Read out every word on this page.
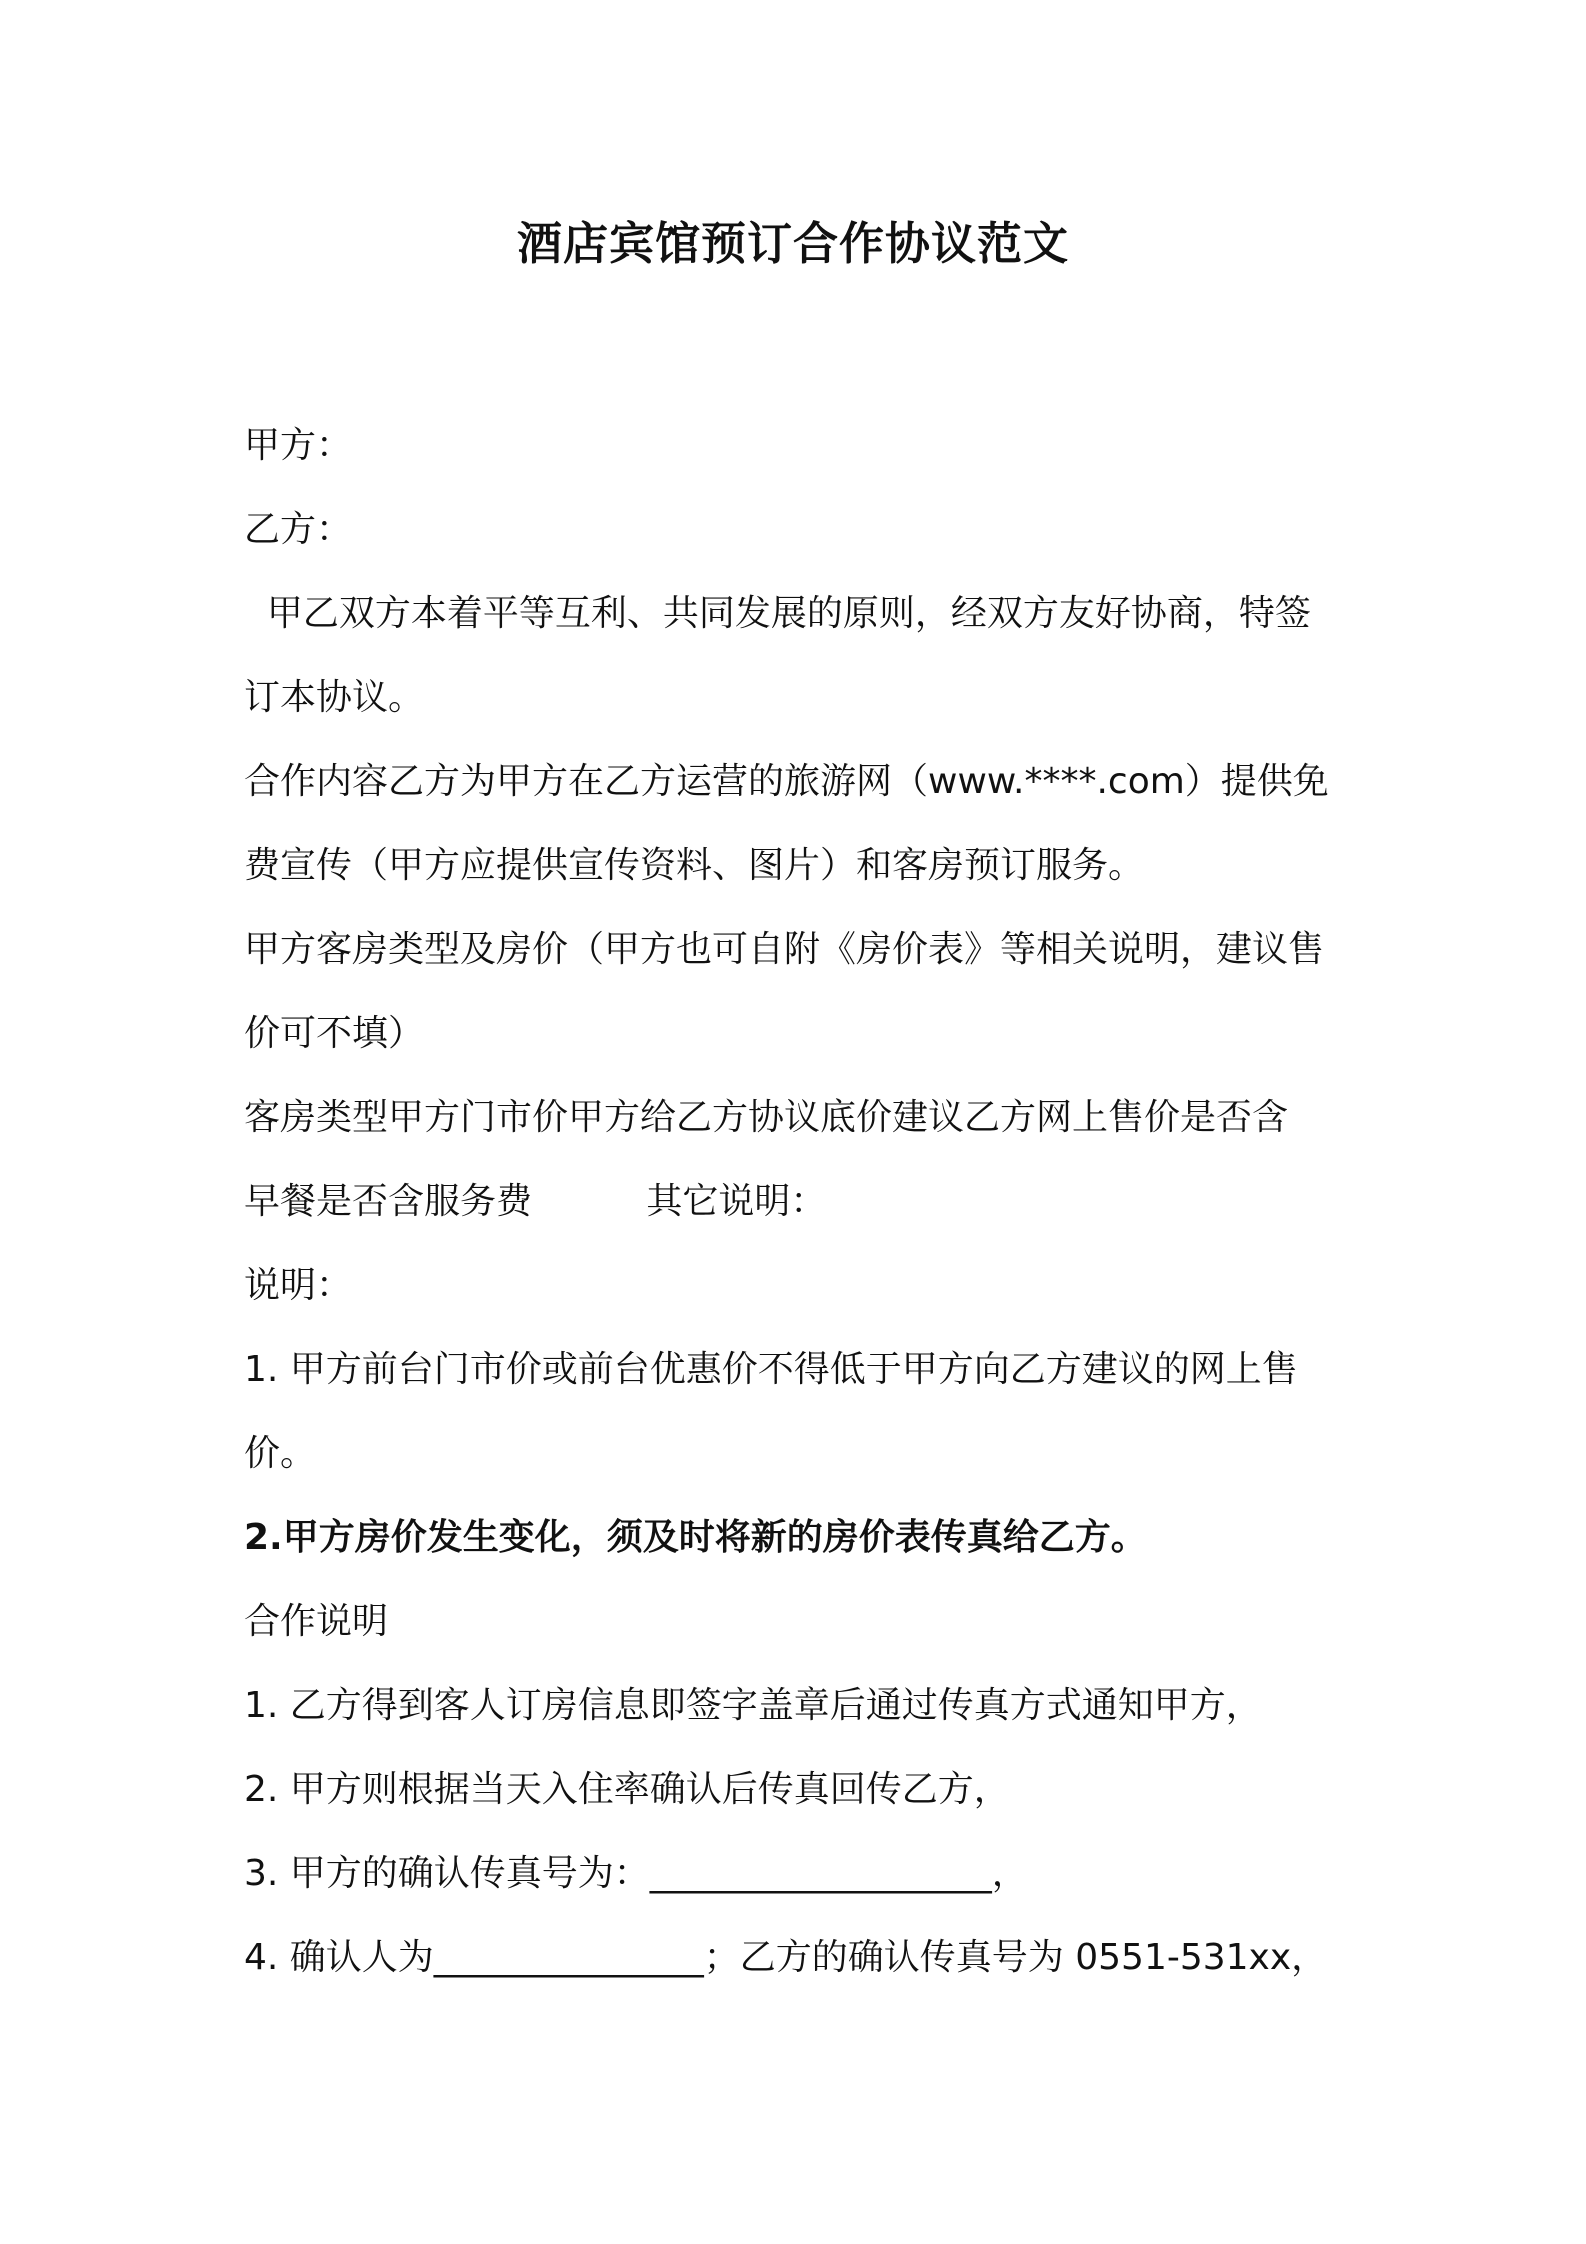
酒店宾馆预订合作协议范文
甲方：
乙方：
甲乙双方本着平等互利、共同发展的原则，经双方友好协商，特签
订本协议。
合作内容乙方为甲方在乙方运营的旅游网（www.****.com）提供免
费宣传（甲方应提供宣传资料、图片）和客房预订服务。
甲方客房类型及房价（甲方也可自附《房价表》等相关说明，建议售
价可不填）
客房类型甲方门市价甲方给乙方协议底价建议乙方网上售价是否含
早餐是否含服务费          其它说明：
说明：
1. 甲方前台门市价或前台优惠价不得低于甲方向乙方建议的网上售
价。
2.甲方房价发生变化，须及时将新的房价表传真给乙方。
合作说明
1. 乙方得到客人订房信息即签字盖章后通过传真方式通知甲方，
2. 甲方则根据当天入住率确认后传真回传乙方，
3. 甲方的确认传真号为：___________________，
4. 确认人为_______________；乙方的确认传真号为 0551-531xx，
